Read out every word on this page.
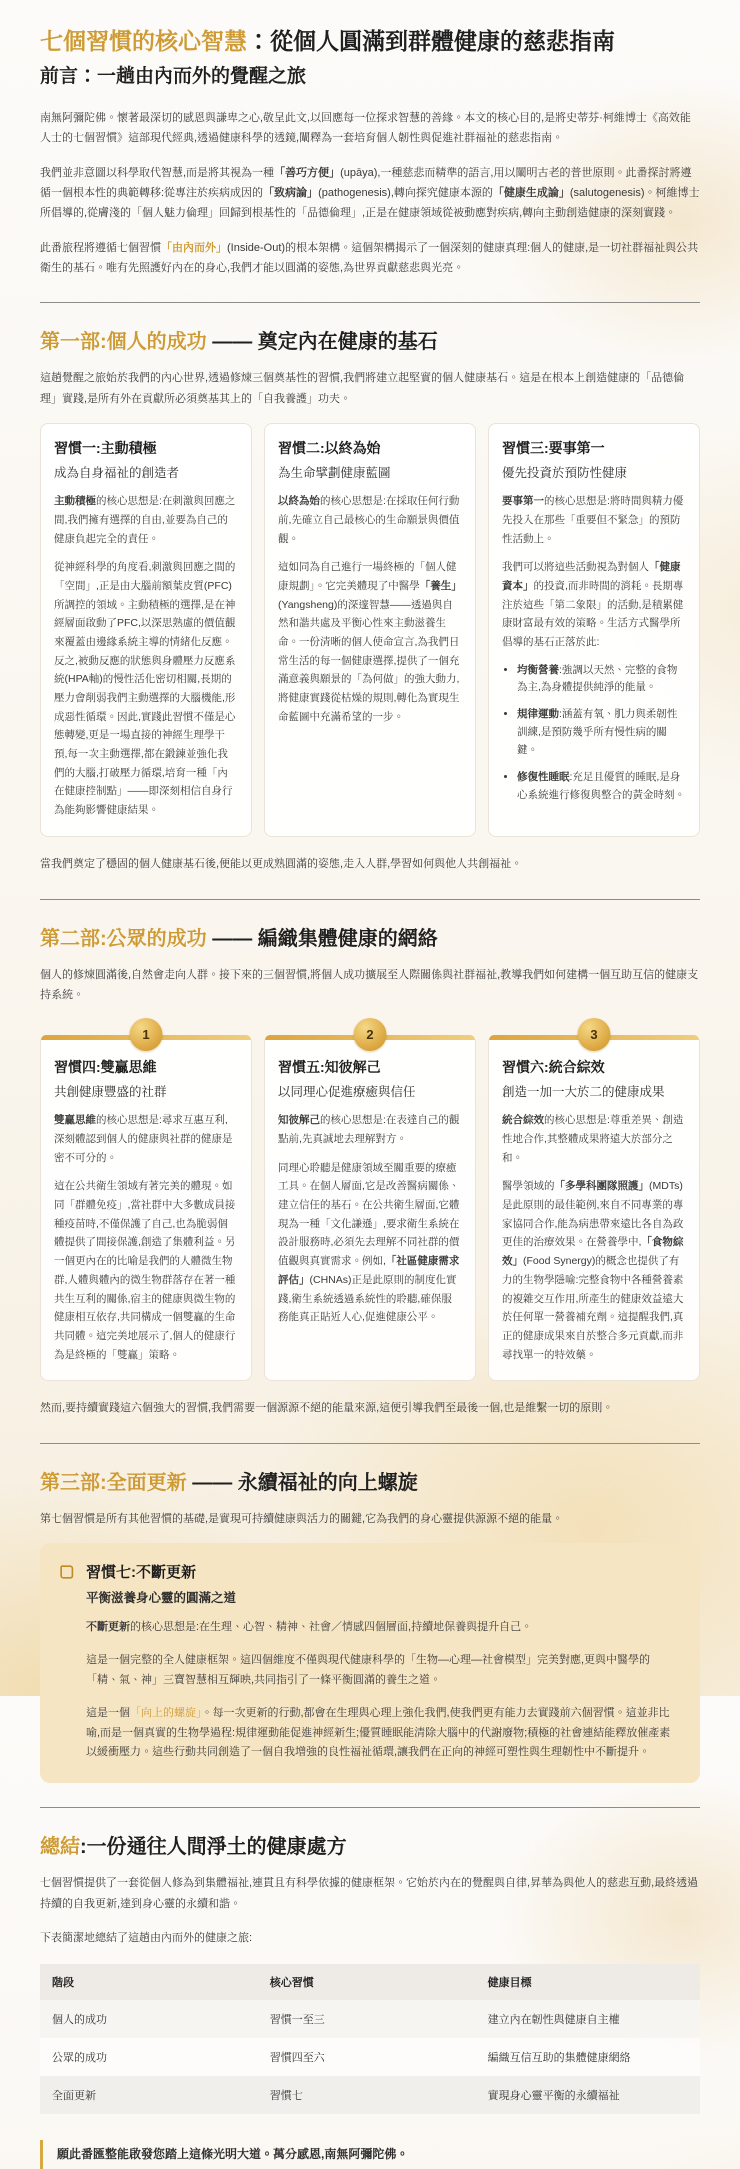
七個習慣的核心智慧：從個人圓滿到群體健康的慈悲指南
前言：一趟由內而外的覺醒之旅

南無阿彌陀佛。懷著最深切的感恩與謙卑之心,敬呈此文,以回應每一位探求智慧的善緣。本文的核心目的,是將史蒂芬·柯維博士《高效能人士的七個習慣》這部現代經典,透過健康科學的透鏡,闡釋為一套培育個人韌性與促進社群福祉的慈悲指南。

我們並非意圖以科學取代智慧,而是將其視為一種「善巧方便」(upāya),一種慈悲而精準的語言,用以闡明古老的普世原則。此番探討將遵循一個根本性的典範轉移:從專注於疾病成因的「致病論」(pathogenesis),轉向探究健康本源的「健康生成論」(salutogenesis)。柯維博士所倡導的,從膚淺的「個人魅力倫理」回歸到根基性的「品德倫理」,正是在健康領域從被動應對疾病,轉向主動創造健康的深刻實踐。

此番旅程將遵循七個習慣「由內而外」(Inside-Out)的根本架構。這個架構揭示了一個深刻的健康真理:個人的健康,是一切社群福祉與公共衛生的基石。唯有先照護好內在的身心,我們才能以圓滿的姿態,為世界貢獻慈悲與光亮。

第一部:個人的成功 —— 奠定內在健康的基石

這趟覺醒之旅始於我們的內心世界,透過修煉三個奠基性的習慣,我們將建立起堅實的個人健康基石。這是在根本上創造健康的「品德倫理」實踐,是所有外在貢獻所必須奠基其上的「自我養護」功夫。

習慣一:主動積極
成為自身福祉的創造者

主動積極的核心思想是:在刺激與回應之間,我們擁有選擇的自由,並要為自己的健康負起完全的責任。

從神經科學的角度看,刺激與回應之間的「空間」,正是由大腦前額葉皮質(PFC)所調控的領域。主動積極的選擇,是在神經層面啟動了PFC,以深思熟慮的價值觀來覆蓋由邊緣系統主導的情緒化反應。反之,被動反應的狀態與身體壓力反應系統(HPA軸)的慢性活化密切相關,長期的壓力會削弱我們主動選擇的大腦機能,形成惡性循環。因此,實踐此習慣不僅是心態轉變,更是一場直接的神經生理學干預,每一次主動選擇,都在鍛鍊並強化我們的大腦,打破壓力循環,培育一種「內在健康控制點」——即深刻相信自身行為能夠影響健康結果。

習慣二:以終為始
為生命擘劃健康藍圖

以終為始的核心思想是:在採取任何行動前,先確立自己最核心的生命願景與價值觀。

這如同為自己進行一場終極的「個人健康規劃」。它完美體現了中醫學「養生」(Yangsheng)的深邃智慧——透過與自然和諧共處及平衡心性來主動滋養生命。一份清晰的個人使命宣言,為我們日常生活的每一個健康選擇,提供了一個充滿意義與願景的「為何做」的強大動力,將健康實踐從枯燥的規則,轉化為實現生命藍圖中充滿希望的一步。

習慣三:要事第一
優先投資於預防性健康

要事第一的核心思想是:將時間與精力優先投入在那些「重要但不緊急」的預防性活動上。

我們可以將這些活動視為對個人「健康資本」的投資,而非時間的消耗。長期專注於這些「第二象限」的活動,是積累健康財富最有效的策略。生活方式醫學所倡導的基石正落於此:

• 均衡營養:強調以天然、完整的食物為主,為身體提供純淨的能量。
• 規律運動:涵蓋有氧、肌力與柔韌性訓練,是預防幾乎所有慢性病的關鍵。
• 修復性睡眠:充足且優質的睡眠,是身心系統進行修復與整合的黃金時刻。

當我們奠定了穩固的個人健康基石後,便能以更成熟圓滿的姿態,走入人群,學習如何與他人共創福祉。

第二部:公眾的成功 —— 編織集體健康的網絡

個人的修煉圓滿後,自然會走向人群。接下來的三個習慣,將個人成功擴展至人際關係與社群福祉,教導我們如何建構一個互助互信的健康支持系統。

1
習慣四:雙贏思維
共創健康豐盛的社群

雙贏思維的核心思想是:尋求互惠互利,深刻體認到個人的健康與社群的健康是密不可分的。

這在公共衛生領域有著完美的體現。如同「群體免疫」,當社群中大多數成員接種疫苗時,不僅保護了自己,也為脆弱個體提供了間接保護,創造了集體利益。另一個更內在的比喻是我們的人體微生物群,人體與體內的微生物群落存在著一種共生互利的關係,宿主的健康與微生物的健康相互依存,共同構成一個雙贏的生命共同體。這完美地展示了,個人的健康行為是終極的「雙贏」策略。

2
習慣五:知彼解己
以同理心促進療癒與信任

知彼解己的核心思想是:在表達自己的觀點前,先真誠地去理解對方。

同理心聆聽是健康領域至關重要的療癒工具。在個人層面,它是改善醫病關係、建立信任的基石。在公共衛生層面,它體現為一種「文化謙遜」,要求衛生系統在設計服務時,必須先去理解不同社群的價值觀與真實需求。例如,「社區健康需求評估」(CHNAs)正是此原則的制度化實踐,衛生系統透過系統性的聆聽,確保服務能真正貼近人心,促進健康公平。

3
習慣六:統合綜效
創造一加一大於二的健康成果

統合綜效的核心思想是:尊重差異、創造性地合作,其整體成果將遠大於部分之和。

醫學領域的「多學科團隊照護」(MDTs)是此原則的最佳範例,來自不同專業的專家協同合作,能為病患帶來遠比各自為政更佳的治療效果。在營養學中,「食物綜效」(Food Synergy)的概念也提供了有力的生物學隱喻:完整食物中各種營養素的複雜交互作用,所產生的健康效益遠大於任何單一營養補充劑。這提醒我們,真正的健康成果來自於整合多元貢獻,而非尋找單一的特效藥。

然而,要持續實踐這六個強大的習慣,我們需要一個源源不絕的能量來源,這便引導我們至最後一個,也是維繫一切的原則。

第三部:全面更新 —— 永續福祉的向上螺旋

第七個習慣是所有其他習慣的基礎,是實現可持續健康與活力的關鍵,它為我們的身心靈提供源源不絕的能量。

習慣七:不斷更新
平衡滋養身心靈的圓滿之道

不斷更新的核心思想是:在生理、心智、精神、社會／情感四個層面,持續地保養與提升自己。

這是一個完整的全人健康框架。這四個維度不僅與現代健康科學的「生物—心理—社會模型」完美對應,更與中醫學的「精、氣、神」三寶智慧相互輝映,共同指引了一條平衡圓滿的養生之道。

這是一個「向上的螺旋」。每一次更新的行動,都會在生理與心理上強化我們,使我們更有能力去實踐前六個習慣。這並非比喻,而是一個真實的生物學過程:規律運動能促進神經新生;優質睡眠能清除大腦中的代謝廢物;積極的社會連結能釋放催產素以緩衝壓力。這些行動共同創造了一個自我增強的良性福祉循環,讓我們在正向的神經可塑性與生理韌性中不斷提升。

總結:一份通往人間淨土的健康處方

七個習慣提供了一套從個人修為到集體福祉,連貫且有科學依據的健康框架。它始於內在的覺醒與自律,昇華為與他人的慈悲互動,最終透過持續的自我更新,達到身心靈的永續和諧。

下表簡潔地總結了這趟由內而外的健康之旅:

階段	核心習慣	健康目標
個人的成功	習慣一至三	建立內在韌性與健康自主權
公眾的成功	習慣四至六	編織互信互助的集體健康網絡
全面更新	習慣七	實現身心靈平衡的永續福祉
願此番匯整能啟發您踏上這條光明大道。萬分感恩,南無阿彌陀佛。
